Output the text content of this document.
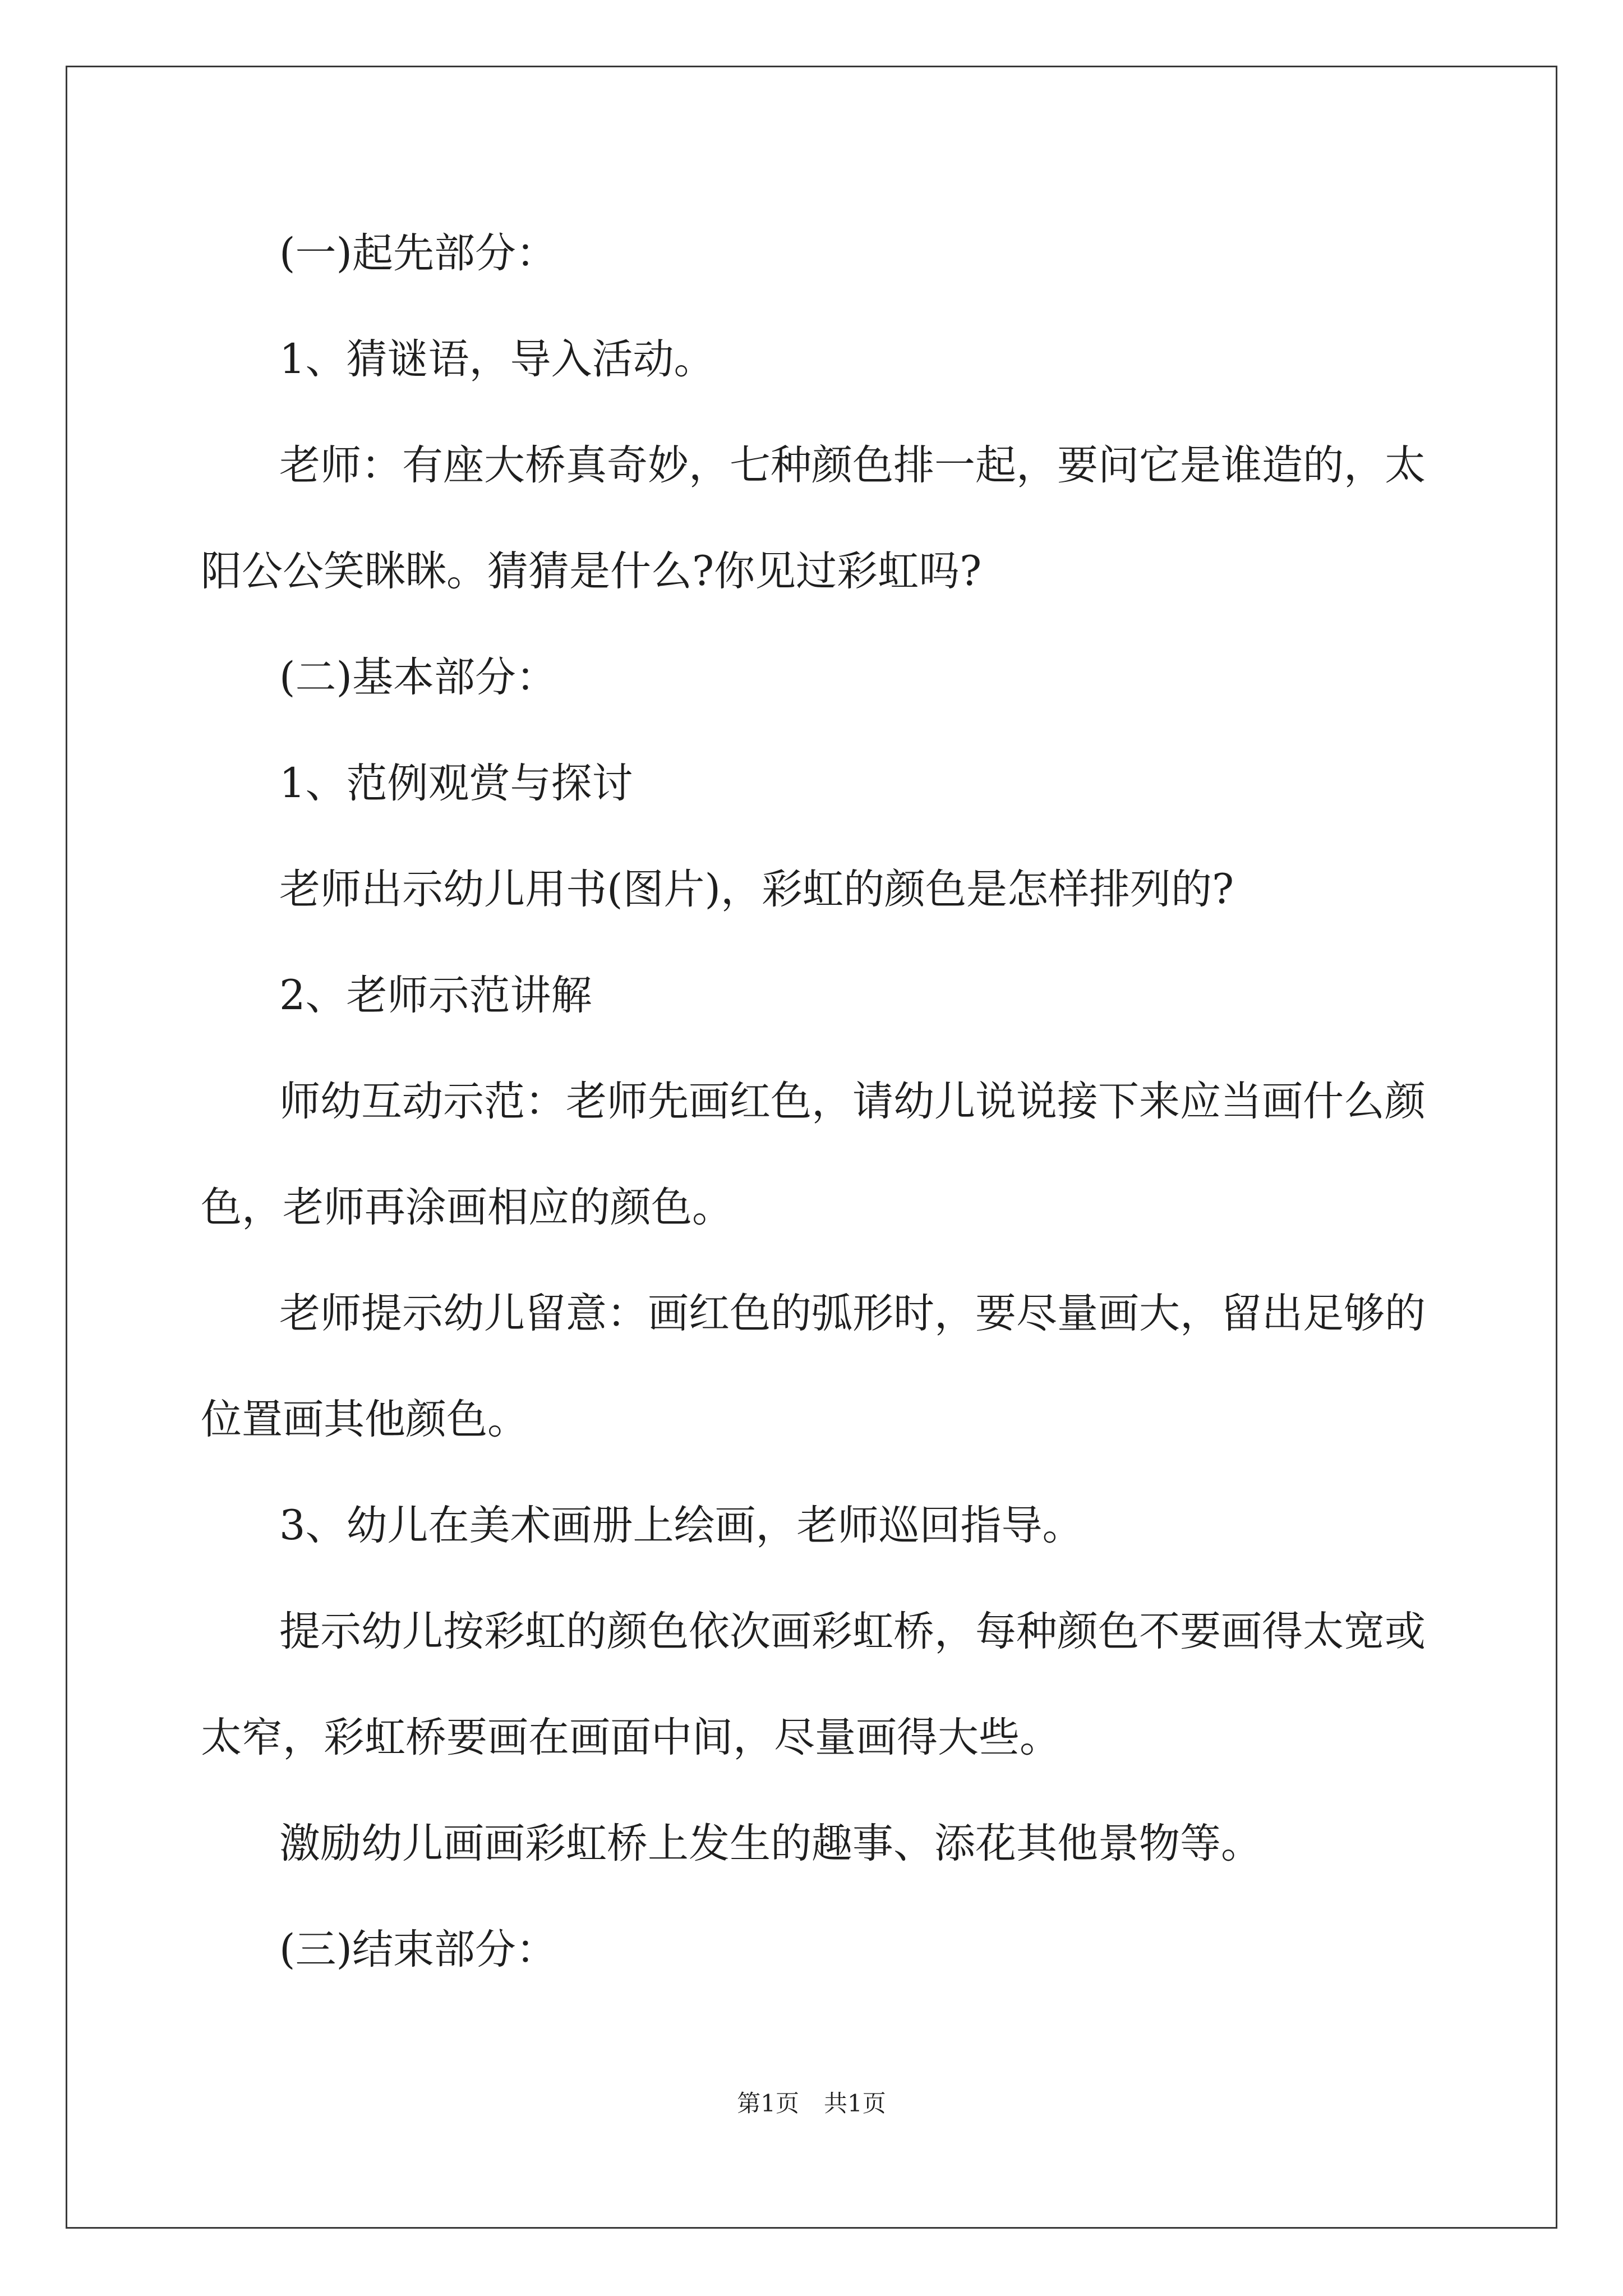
(一)起先部分：
1、猜谜语，导入活动。
老师：有座大桥真奇妙，七种颜色排一起，要问它是谁造的，太
阳公公笑眯眯。猜猜是什么?你见过彩虹吗?
(二)基本部分：
1、范例观赏与探讨
老师出示幼儿用书(图片)，彩虹的颜色是怎样排列的?
2、老师示范讲解
师幼互动示范：老师先画红色，请幼儿说说接下来应当画什么颜
色，老师再涂画相应的颜色。
老师提示幼儿留意：画红色的弧形时，要尽量画大，留出足够的
位置画其他颜色。
3、幼儿在美术画册上绘画，老师巡回指导。
提示幼儿按彩虹的颜色依次画彩虹桥，每种颜色不要画得太宽或
太窄，彩虹桥要画在画面中间，尽量画得大些。
激励幼儿画画彩虹桥上发生的趣事、添花其他景物等。
(三)结束部分：
第1页 共1页
